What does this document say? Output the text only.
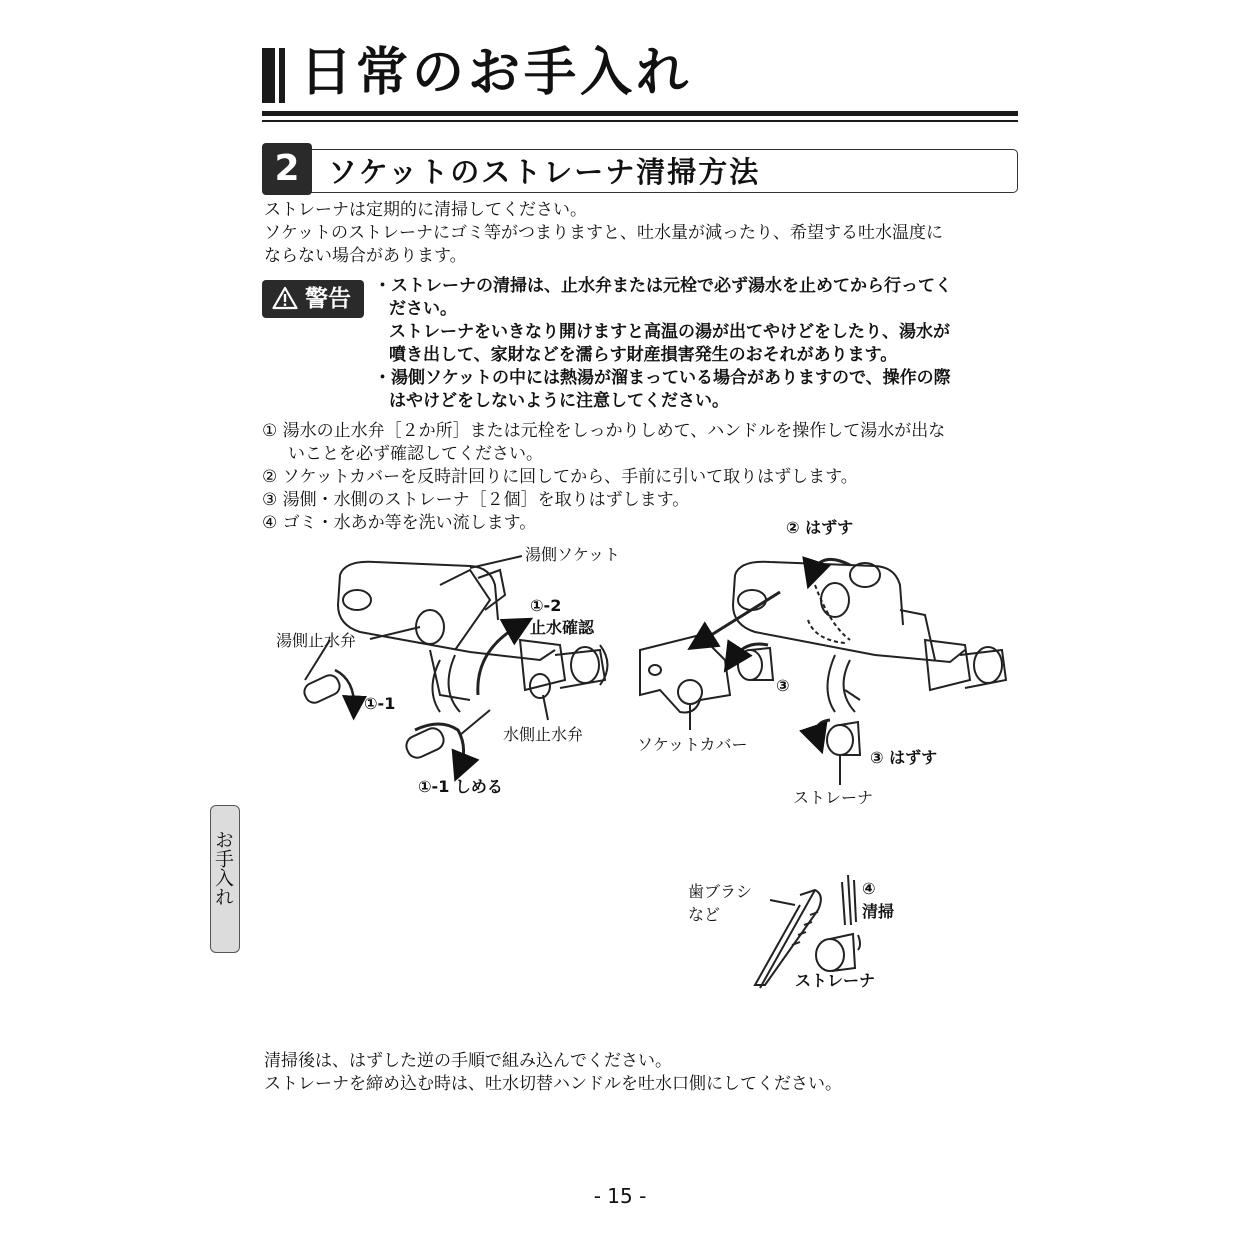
日常のお手入れ
2 ソケットのストレーナ清掃方法
ストレーナは定期的に清掃してください。
ソケットのストレーナにゴミ等がつまりますと、吐水量が減ったり、希望する吐水温度に
ならない場合があります。
警告 ・ストレーナの清掃は、止水弁または元栓で必ず湯水を止めてから行ってく
ださい。
ストレーナをいきなり開けますと高温の湯が出てやけどをしたり、湯水が
噴き出して、家財などを濡らす財産損害発生のおそれがあります。
・湯側ソケットの中には熱湯が溜まっている場合がありますので、操作の際
はやけどをしないように注意してください。
① 湯水の止水弁［２か所］または元栓をしっかりしめて、ハンドルを操作して湯水が出な
いことを必ず確認してください。
② ソケットカバーを反時計回りに回してから、手前に引いて取りはずします。
③ 湯側・水側のストレーナ［２個］を取りはずします。
④ ゴミ・水あか等を洗い流します。
湯側ソケット
湯側止水弁
①-2
止水確認
①-1
水側止水弁
①-1 しめる
② はずす
③
ソケットカバー
③ はずす
ストレーナ
歯ブラシ
など
④
清掃
ストレーナ
お手入れ
清掃後は、はずした逆の手順で組み込んでください。
ストレーナを締め込む時は、吐水切替ハンドルを吐水口側にしてください。
- 15 -
